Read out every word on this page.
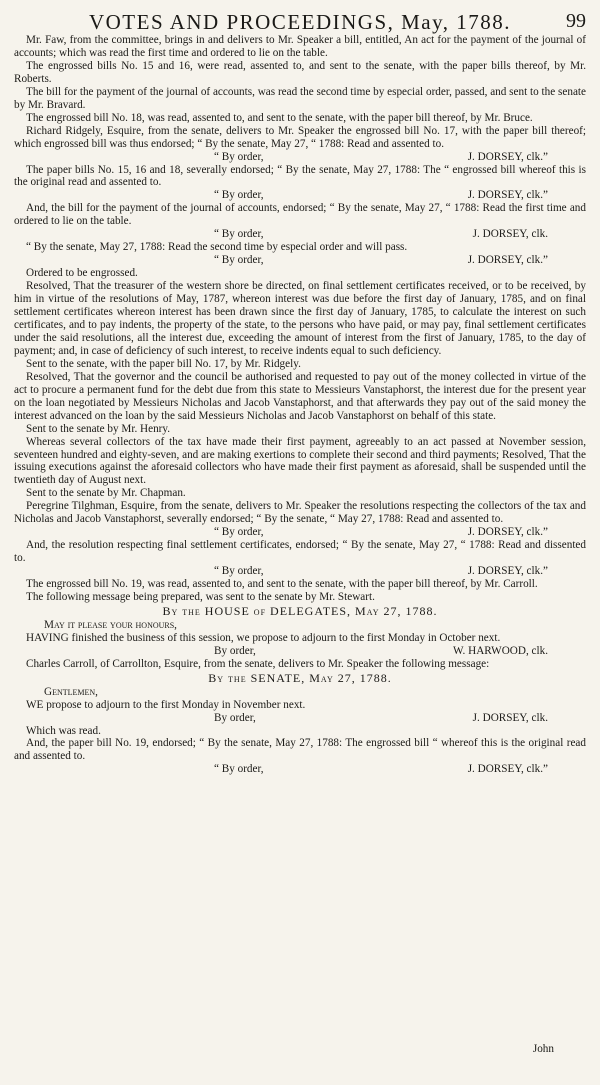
VOTES AND PROCEEDINGS, May, 1788.	99

Mr. Faw, from the committee, brings in and delivers to Mr. Speaker a bill, entitled, An act for the payment of the journal of accounts; which was read the first time and ordered to lie on the table.

The engrossed bills No. 15 and 16, were read, assented to, and sent to the senate, with the paper bills thereof, by Mr. Roberts.

The bill for the payment of the journal of accounts, was read the second time by especial order, passed, and sent to the senate by Mr. Bravard.

The engrossed bill No. 18, was read, assented to, and sent to the senate, with the paper bill thereof, by Mr. Bruce.

Richard Ridgely, Esquire, from the senate, delivers to Mr. Speaker the engrossed bill No. 17, with the paper bill thereof; which engrossed bill was thus endorsed; “ By the senate, May 27, “ 1788: Read and assented to.

“ By order,	J. DORSEY, clk.”

The paper bills No. 15, 16 and 18, severally endorsed; “ By the senate, May 27, 1788: The “ engrossed bill whereof this is the original read and assented to.

“ By order,	J. DORSEY, clk.”

And, the bill for the payment of the journal of accounts, endorsed; “ By the senate, May 27, “ 1788: Read the first time and ordered to lie on the table.

“ By order,	J. DORSEY, clk.

“ By the senate, May 27, 1788: Read the second time by especial order and will pass.

“ By order,	J. DORSEY, clk.”

Ordered to be engrossed.

Resolved, That the treasurer of the western shore be directed, on final settlement certificates received, or to be received, by him in virtue of the resolutions of May, 1787, whereon interest was due before the first day of January, 1785, and on final settlement certificates whereon interest has been drawn since the first day of January, 1785, to calculate the interest on such certificates, and to pay indents, the property of the state, to the persons who have paid, or may pay, final settlement certificates under the said resolutions, all the interest due, exceeding the amount of interest from the first of January, 1785, to the day of payment; and, in case of deficiency of such interest, to receive indents equal to such deficiency.

Sent to the senate, with the paper bill No. 17, by Mr. Ridgely.

Resolved, That the governor and the council be authorised and requested to pay out of the money collected in virtue of the act to procure a permanent fund for the debt due from this state to Messieurs Vanstaphorst, the interest due for the present year on the loan negotiated by Messieurs Nicholas and Jacob Vanstaphorst, and that afterwards they pay out of the said money the interest advanced on the loan by the said Messieurs Nicholas and Jacob Vanstaphorst on behalf of this state.

Sent to the senate by Mr. Henry.

Whereas several collectors of the tax have made their first payment, agreeably to an act passed at November session, seventeen hundred and eighty-seven, and are making exertions to complete their second and third payments; Resolved, That the issuing executions against the aforesaid collectors who have made their first payment as aforesaid, shall be suspended until the twentieth day of August next.

Sent to the senate by Mr. Chapman.

Peregrine Tilghman, Esquire, from the senate, delivers to Mr. Speaker the resolutions respecting the collectors of the tax and Nicholas and Jacob Vanstaphorst, severally endorsed; “ By the senate, “ May 27, 1788: Read and assented to.

“ By order,	J. DORSEY, clk.”

And, the resolution respecting final settlement certificates, endorsed; “ By the senate, May 27, “ 1788: Read and dissented to.

“ By order,	J. DORSEY, clk.”

The engrossed bill No. 19, was read, assented to, and sent to the senate, with the paper bill thereof, by Mr. Carroll.

The following message being prepared, was sent to the senate by Mr. Stewart.

By the HOUSE of DELEGATES, May 27, 1788.
May it please your honours,

HAVING finished the business of this session, we propose to adjourn to the first Monday in October next.

By order,	W. HARWOOD, clk.

Charles Carroll, of Carrollton, Esquire, from the senate, delivers to Mr. Speaker the following message:

By the SENATE, May 27, 1788.
Gentlemen,

WE propose to adjourn to the first Monday in November next.

By order,	J. DORSEY, clk.

Which was read.

And, the paper bill No. 19, endorsed; “ By the senate, May 27, 1788: The engrossed bill “ whereof this is the original read and assented to.

“ By order,	J. DORSEY, clk.”
John
